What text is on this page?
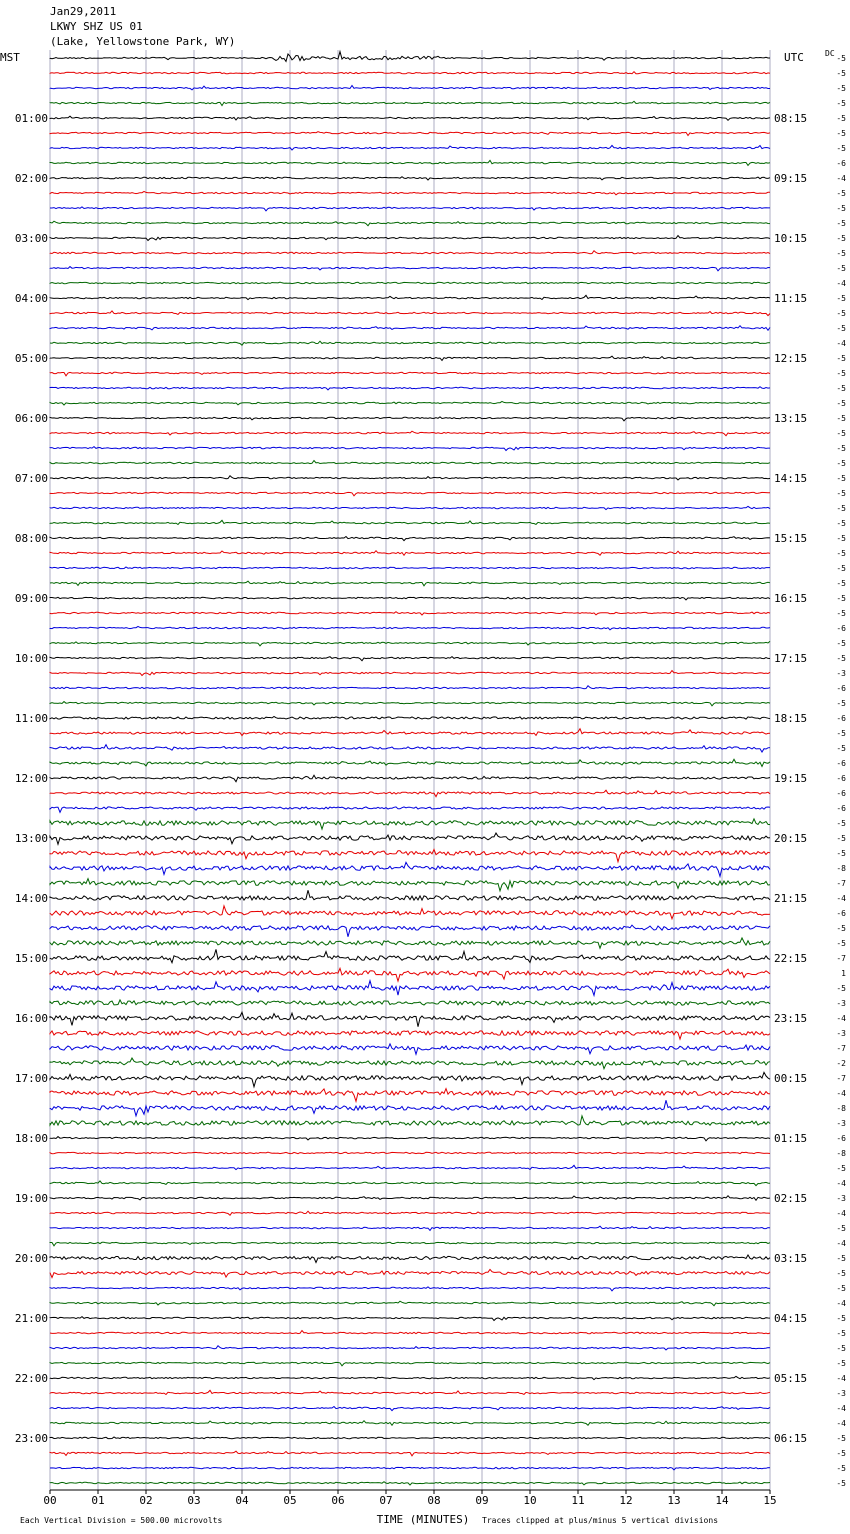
Jan29,2011
LKWY SHZ US 01
(Lake, Yellowstone Park, WY)
-5
-5
-5
-5
-5
-5
-5
-6
-4
-5
-5
-5
-5
-5
-5
-4
-5
-5
-5
-4
-5
-5
-5
-5
-5
-5
-5
-5
-5
-5
-5
-5
-5
-5
-5
-5
-5
-5
-6
-5
-5
-3
-6
-5
-6
-5
-5
-6
-6
-6
-6
-5
-5
-5
-8
-7
-4
-6
-5
-5
-7
1
-5
-3
-4
-3
-7
-2
-7
-4
-8
-3
-6
-8
-5
-4
-3
-4
-5
-4
-5
-5
-5
-4
-5
-5
-5
-5
-4
-3
-4
-4
-5
-5
-5
-5
MST	UTC	DC
01:00
02:00
03:00
04:00
05:00
06:00
07:00
08:00
09:00
10:00
11:00
12:00
13:00
14:00
15:00
16:00
17:00
18:00
19:00
20:00
21:00
22:00
23:00
08:15
09:15
10:15
11:15
12:15
13:15
14:15
15:15
16:15
17:15
18:15
19:15
20:15
21:15
22:15
23:15
00:15
01:15
02:15
03:15
04:15
05:15
06:15
00	01	02	03	04	05	06	07	08	09	10	11	12	13	14	15
TIME (MINUTES)
Each Vertical Division = 500.00 microvolts	Traces clipped at plus/minus 5 vertical divisions
